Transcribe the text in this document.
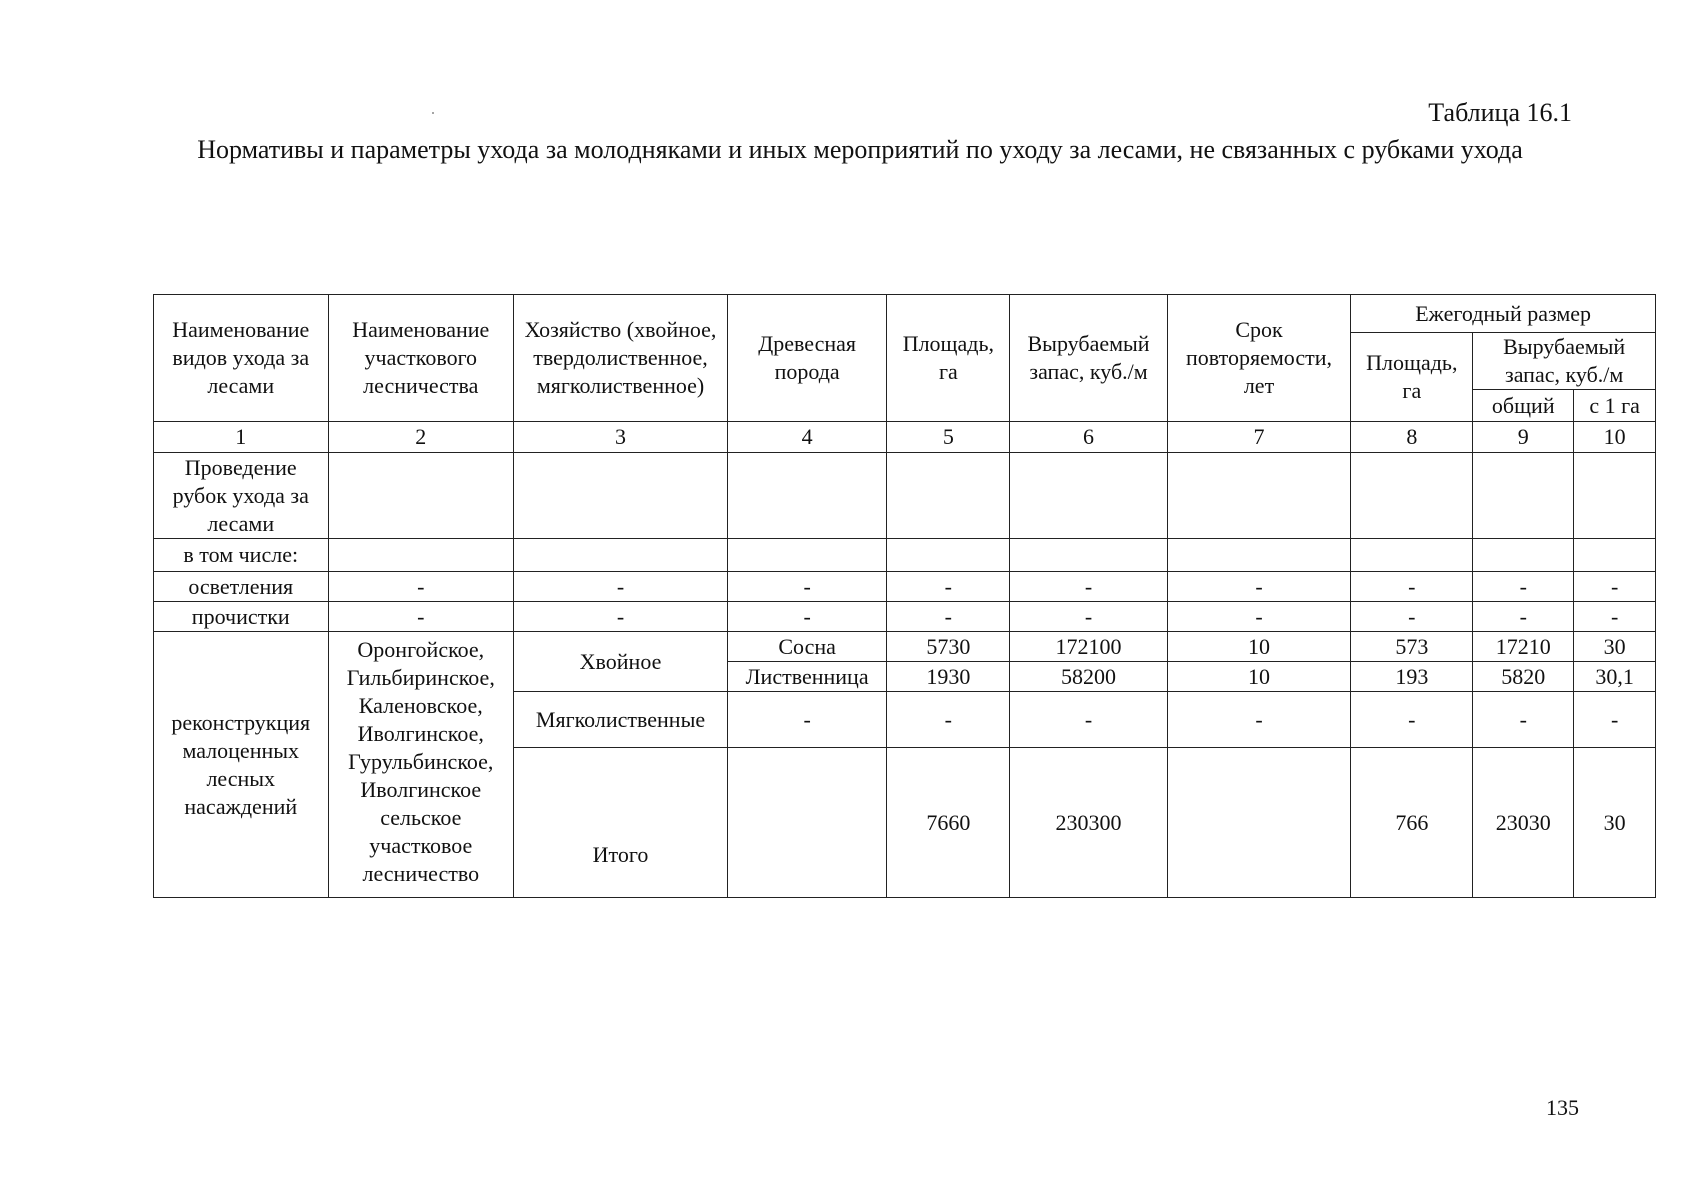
Таблица 16.1
Нормативы и параметры ухода за молодняками и иных мероприятий по уходу за лесами, не связанных с рубками ухода
Наименование видов ухода за лесами	Наименование участкового лесничества	Хозяйство (хвойное, твердолиственное, мягколиственное)	Древесная порода	Площадь, га	Вырубаемый запас, куб./м	Срок повторяемости, лет	Ежегодный размер		
							Площадь, га	Вырубаемый запас, куб./м	
								общий	с 1 га
1	2	3	4	5	6	7	8	9	10
Проведение рубок ухода за лесами									
в том числе:									
осветления	-	-	-	-	-	-	-	-	-
прочистки	-	-	-	-	-	-	-	-	-
реконструкция малоценных лесных насаждений	Оронгойское, Гильбиринское, Каленовское, Иволгинское, Гурульбинское, Иволгинское сельское участковое лесничество	Хвойное	Сосна	5730	172100	10	573	17210	30
			Лиственница	1930	58200	10	193	5820	30,1
		Мягколиственные	-	-	-	-	-	-	-
		Итого		7660	230300		766	23030	30
135
